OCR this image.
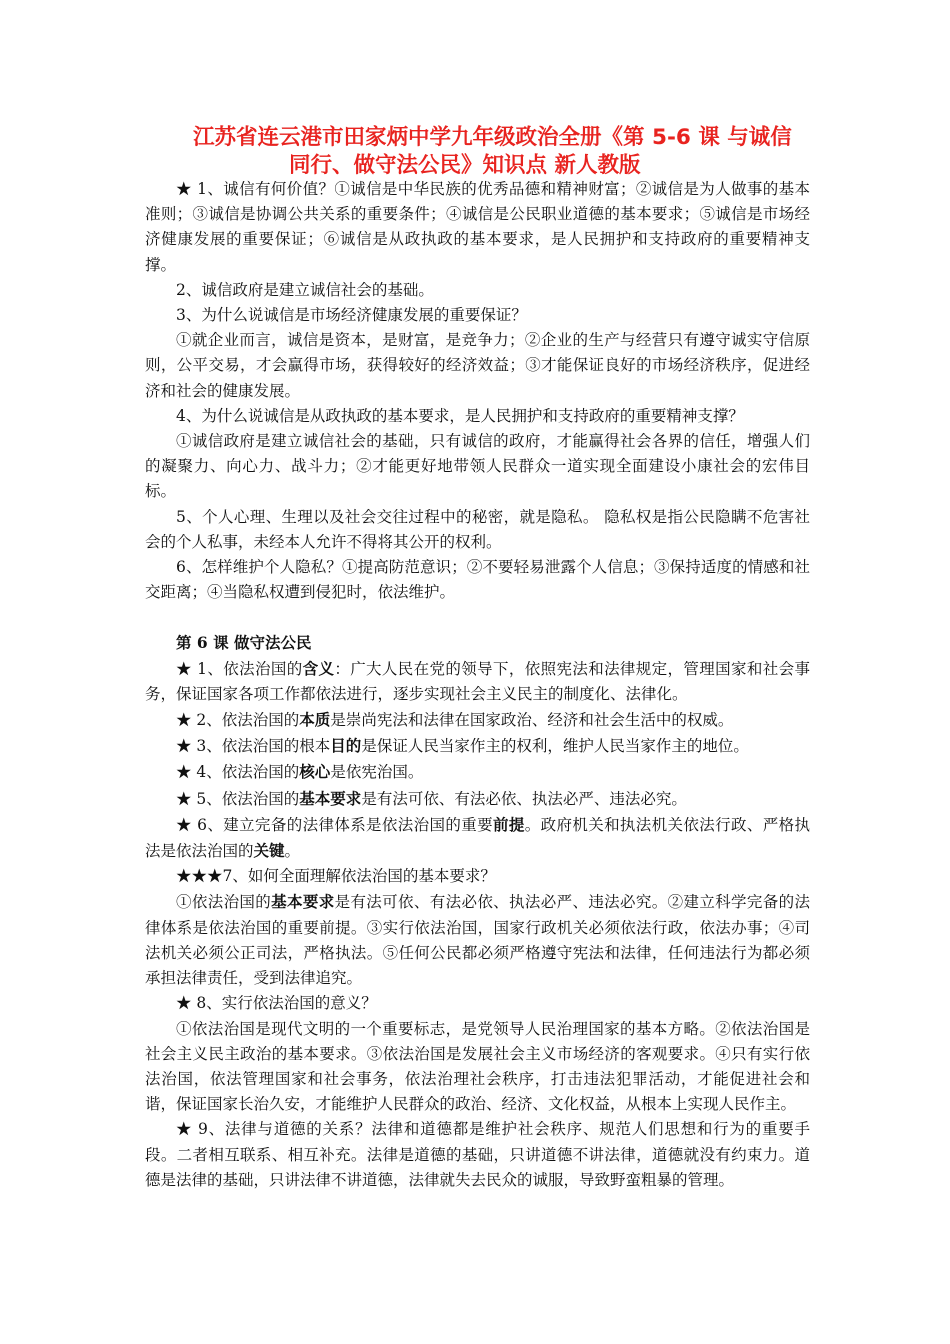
江苏省连云港市田家炳中学九年级政治全册《第 5-6 课 与诚信
同行、做守法公民》知识点 新人教版

★ 1、诚信有何价值？①诚信是中华民族的优秀品德和精神财富；②诚信是为人做事的基本准则；③诚信是协调公共关系的重要条件；④诚信是公民职业道德的基本要求；⑤诚信是市场经济健康发展的重要保证；⑥诚信是从政执政的基本要求，是人民拥护和支持政府的重要精神支撑。

2、诚信政府是建立诚信社会的基础。

3、为什么说诚信是市场经济健康发展的重要保证？

①就企业而言，诚信是资本，是财富，是竞争力；②企业的生产与经营只有遵守诚实守信原则，公平交易，才会赢得市场，获得较好的经济效益；③才能保证良好的市场经济秩序，促进经济和社会的健康发展。

4、为什么说诚信是从政执政的基本要求，是人民拥护和支持政府的重要精神支撑？

①诚信政府是建立诚信社会的基础，只有诚信的政府，才能赢得社会各界的信任，增强人们的凝聚力、向心力、战斗力；②才能更好地带领人民群众一道实现全面建设小康社会的宏伟目标。

5、个人心理、生理以及社会交往过程中的秘密，就是隐私。 隐私权是指公民隐瞒不危害社会的个人私事，未经本人允许不得将其公开的权利。

6、怎样维护个人隐私？①提高防范意识；②不要轻易泄露个人信息；③保持适度的情感和社交距离；④当隐私权遭到侵犯时，依法维护。

第 6 课 做守法公民

★ 1、依法治国的含义：广大人民在党的领导下，依照宪法和法律规定，管理国家和社会事务，保证国家各项工作都依法进行，逐步实现社会主义民主的制度化、法律化。

★ 2、依法治国的本质是崇尚宪法和法律在国家政治、经济和社会生活中的权威。

★ 3、依法治国的根本目的是保证人民当家作主的权利，维护人民当家作主的地位。

★ 4、依法治国的核心是依宪治国。

★ 5、依法治国的基本要求是有法可依、有法必依、执法必严、违法必究。

★ 6、建立完备的法律体系是依法治国的重要前提。政府机关和执法机关依法行政、严格执法是依法治国的关键。

★★★7、如何全面理解依法治国的基本要求？

①依法治国的基本要求是有法可依、有法必依、执法必严、违法必究。②建立科学完备的法律体系是依法治国的重要前提。③实行依法治国，国家行政机关必须依法行政，依法办事；④司法机关必须公正司法，严格执法。⑤任何公民都必须严格遵守宪法和法律，任何违法行为都必须承担法律责任，受到法律追究。

★ 8、实行依法治国的意义？

①依法治国是现代文明的一个重要标志，是党领导人民治理国家的基本方略。②依法治国是社会主义民主政治的基本要求。③依法治国是发展社会主义市场经济的客观要求。④只有实行依法治国，依法管理国家和社会事务，依法治理社会秩序，打击违法犯罪活动，才能促进社会和谐，保证国家长治久安，才能维护人民群众的政治、经济、文化权益，从根本上实现人民作主。

★ 9、法律与道德的关系？法律和道德都是维护社会秩序、规范人们思想和行为的重要手段。二者相互联系、相互补充。法律是道德的基础，只讲道德不讲法律，道德就没有约束力。道德是法律的基础，只讲法律不讲道德，法律就失去民众的诚服，导致野蛮粗暴的管理。
